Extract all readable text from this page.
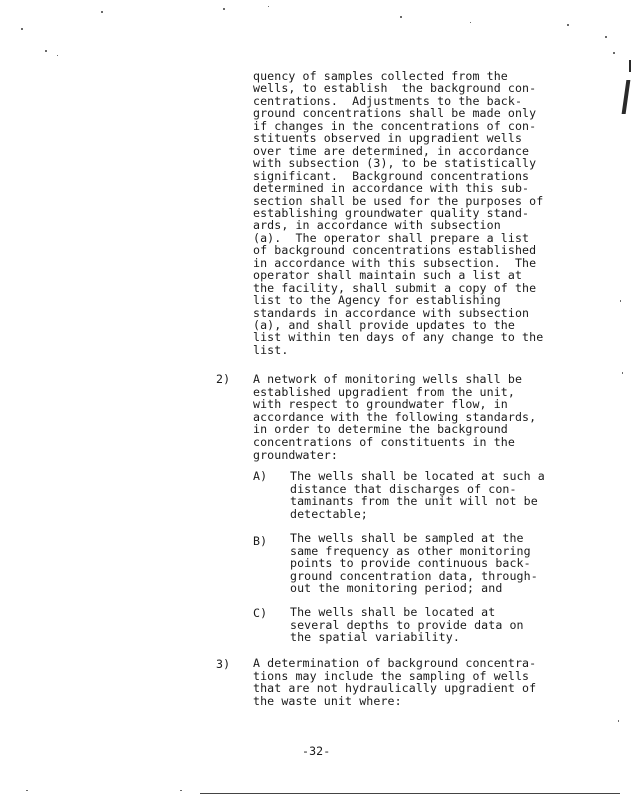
quency of samples collected from the
wells, to establish  the background con-
centrations.  Adjustments to the back-
ground concentrations shall be made only
if changes in the concentrations of con-
stituents observed in upgradient wells
over time are determined, in accordance
with subsection (3), to be statistically
significant.  Background concentrations
determined in accordance with this sub-
section shall be used for the purposes of
establishing groundwater quality stand-
ards, in accordance with subsection
(a).  The operator shall prepare a list
of background concentrations established
in accordance with this subsection.  The
operator shall maintain such a list at
the facility, shall submit a copy of the
list to the Agency for establishing
standards in accordance with subsection
(a), and shall provide updates to the
list within ten days of any change to the
list.
2) A network of monitoring wells shall be
established upgradient from the unit,
with respect to groundwater flow, in
accordance with the following standards,
in order to determine the background
concentrations of constituents in the
groundwater:
A) The wells shall be located at such a
distance that discharges of con-
taminants from the unit will not be
detectable;
B) The wells shall be sampled at the
same frequency as other monitoring
points to provide continuous back-
ground concentration data, through-
out the monitoring period; and
C) The wells shall be located at
several depths to provide data on
the spatial variability.
3) A determination of background concentra-
tions may include the sampling of wells
that are not hydraulically upgradient of
the waste unit where:
-32-
